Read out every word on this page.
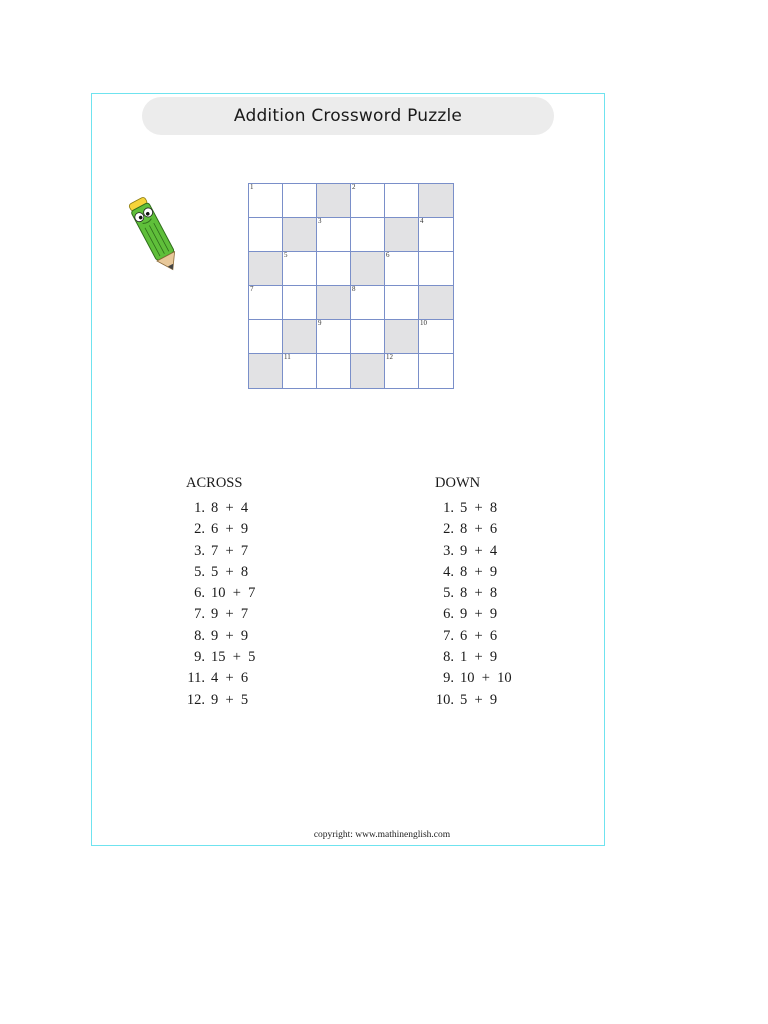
Addition Crossword Puzzle
1	2
3	4
5	6
7	8
9	10
11	12
ACROSS
1. 8  +  4
2. 6  +  9
3. 7  +  7
5. 5  +  8
6. 10  +  7
7. 9  +  7
8. 9  +  9
9. 15  +  5
11. 4  +  6
12. 9  +  5
DOWN
1. 5  +  8
2. 8  +  6
3. 9  +  4
4. 8  +  9
5. 8  +  8
6. 9  +  9
7. 6  +  6
8. 1  +  9
9. 10  +  10
10. 5  +  9
copyright: www.mathinenglish.com
